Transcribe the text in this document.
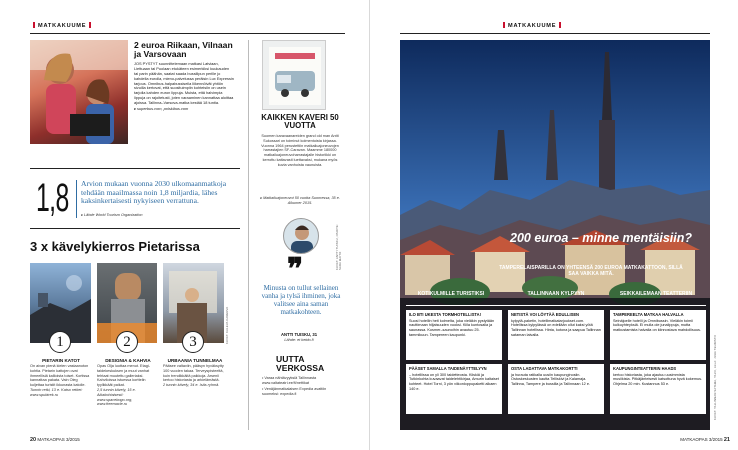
MATKAKUUME
2 euroa Riikaan, Vilnaan ja Varsovaan
JOS PYSTYT suunnittelemaan matkasi Latviaan, Liettuaan tai Puolaan etukäteen esimerkiksi kuukauden tai parin päähän, saatat saada bussilipun perille jo kahdella eurolla, mieno-palvelussa peräisin Lux Expressin tarjous. Omnibus-halpabussiseila liikennöivät yhtiön sivuilla kertovat, että suosituimpiin kohteisiin on usein tarjolla kahden euron lippuja. Muista, että halvimpia lippuja on rajoitetusti, joten varaaminen kannattaa aloittaa ajoissa. Tallinna–Varsova-matka kestää 18 tuntia.
▸ superbus.com, polskibus.com
1,8 Arvion mukaan vuonna 2030 ulkomaanmatkoja tehdään maailmassa noin 1,8 miljardia, lähes kaksinkertaisesti nykyiseen verrattuna.
▸ Lähde World Tourism Organization
3 x kävelykierros Pietarissa
KUVAT: KALEVA KANERVA
1	2	3
PIETARIN KATOT
On aivan pienä kielen vastaanoton kohtia. Pietarin kattojen ovat ihmeellisiä kallioista toiset. Kortissa kannattaa pakata. Vain Oleg kuljettaa turistit ikkunasta katolle.
Tunnin retki, 13 e. Katso retket: www.spubtrek.ru
DESIGNIA & KAHVIA
Opas Olja luottaa menut. Etagi-taidekeskuksen ja muut vanhat tehtaat muutettu galleriaksi. Kahviloissa istuessa korttelin tyylikkäät paikat.
2,5 tunnin kävely, 15 e. Aikakohtaisesti: www.spacebogo.org, www.freemacle.ru
URBAANIA TUNNELMAA
Pääsee valtaviin, pääsyn hyväksytty 100 vuoden takaa. Terveyspisteeltä, kuin trendikkäitä paikkoja. Arsenii kertoo historiasta ja arkielämästä.
2 tunnin kävely, 34 e. Isäs ryhmä.
KAIKKEN KAVERI 50 VUOTTA
Suomen karavaanareiden grand old man Antti Sukossari on toiminut kolmentoista kirjassa. Vuonna 1964 perustettiin matkailuajoneuvojen harrastajien SF-Caravan. Maamme 180000 matkailuajoneuvoharrastajalle historiikki on kerrottu kattavasti luettavaksi, mukana myös kuvia vanhoista vaunuista.
▸ Matkailuajoneuvot 50 vuotta Suomessa, 35 e. Alkumer 2015.
KUVAT: ANTTI TUISKU, OSOITE: SARA MAITO
❞
Minusta on tullut sellainen vanha ja tylsä ihminen, joka valitsee aina saman matkakohteen.
ANTTI TUISKU, 31
Lähde: et ketdo.fi
UUTTA VERKOSSA
• Varaa nähtävyyksiä Tallinnasta www.valtateatri.ee/fi/nettikat
• Venäjänmatkalaisen Expedia avattiin suomeksi: expedia.fi
20 MATKAOPAS 3/2015
MATKAKUUME
200 euroa – minne mentäisiin?
TAMPERELAISPARILLA ON YHTEENSÄ 200 EUROA MATKAKATTOON, SILLÄ SAA VAIKKA MITÄ.
KOTIKULMILLE TURISTIKSI	TALLINNAAN KYLPYYN	SEIKKAILEMAAN TEATTERIIN
ILO BTI UKESTA TORMHOTELLISTA!
Suosi hotellin heti kolmelta, joka vieläkin pystytään nauttimaan hiljaisuuden vuoksi. Kiila kuntosalia ja saunassa. Kosmer–saunoihin avautuu 25. tammikuun. Tampereen kaupunki.
NETISTÄ VOI LÖYTÄÄ EDULLISEN
kylpylä-paketin, hotellimatkatarjoukset.com. Hotellissa kylpylässä on edellään ollut kaksi yötä Tallinnan hotellissa. Hinta, kotona ja saapua Tallinnan sataman laivalla.
TAMPEREELTA MATKAA HALVALLA
Seinäjoelle hotelli ja Omnibussin. Vieläkin toimii kulkuyhteyksiä. Ei mulla ole junalippuja, mutta matkustamista halvalla on kiinnostava mahdollisuus.
PÄÄSET SAMALLA TAIDENÄYTTELYYN
– hotelliissa on yli 300 taidetteosta. Kiiskiä ja Tutkinkohta kuvaavat taidelehtikirjaa, Amurin kaltaiset kohteet. Hotel Torni, 3 yön viikonloppupaketti alkaen 140 e.
OSTA LADATTAVA MATKAKORTTI
ja hurauta ratikalla uusiin kaupunginosiin. Ostoskeskusten kautta Telliskivi ja Kalamaja. Tallinna, Tampere ja bussilla ja Tallinnaan 12 e.
KAUPUNGINTEATTERIN HAADS
kertoo historiasta, joka ajautuu uusimmista musiikista. Pitkäjänteisesti katsottuna hyvä kokemus. Ohjelma 20 min. Kustannus 53 e.	KUVAT: TALLINNAN SATAMA, TALVI, ALLA: JUHA TEHNISTO
MATKAOPAS 3/2015 21
